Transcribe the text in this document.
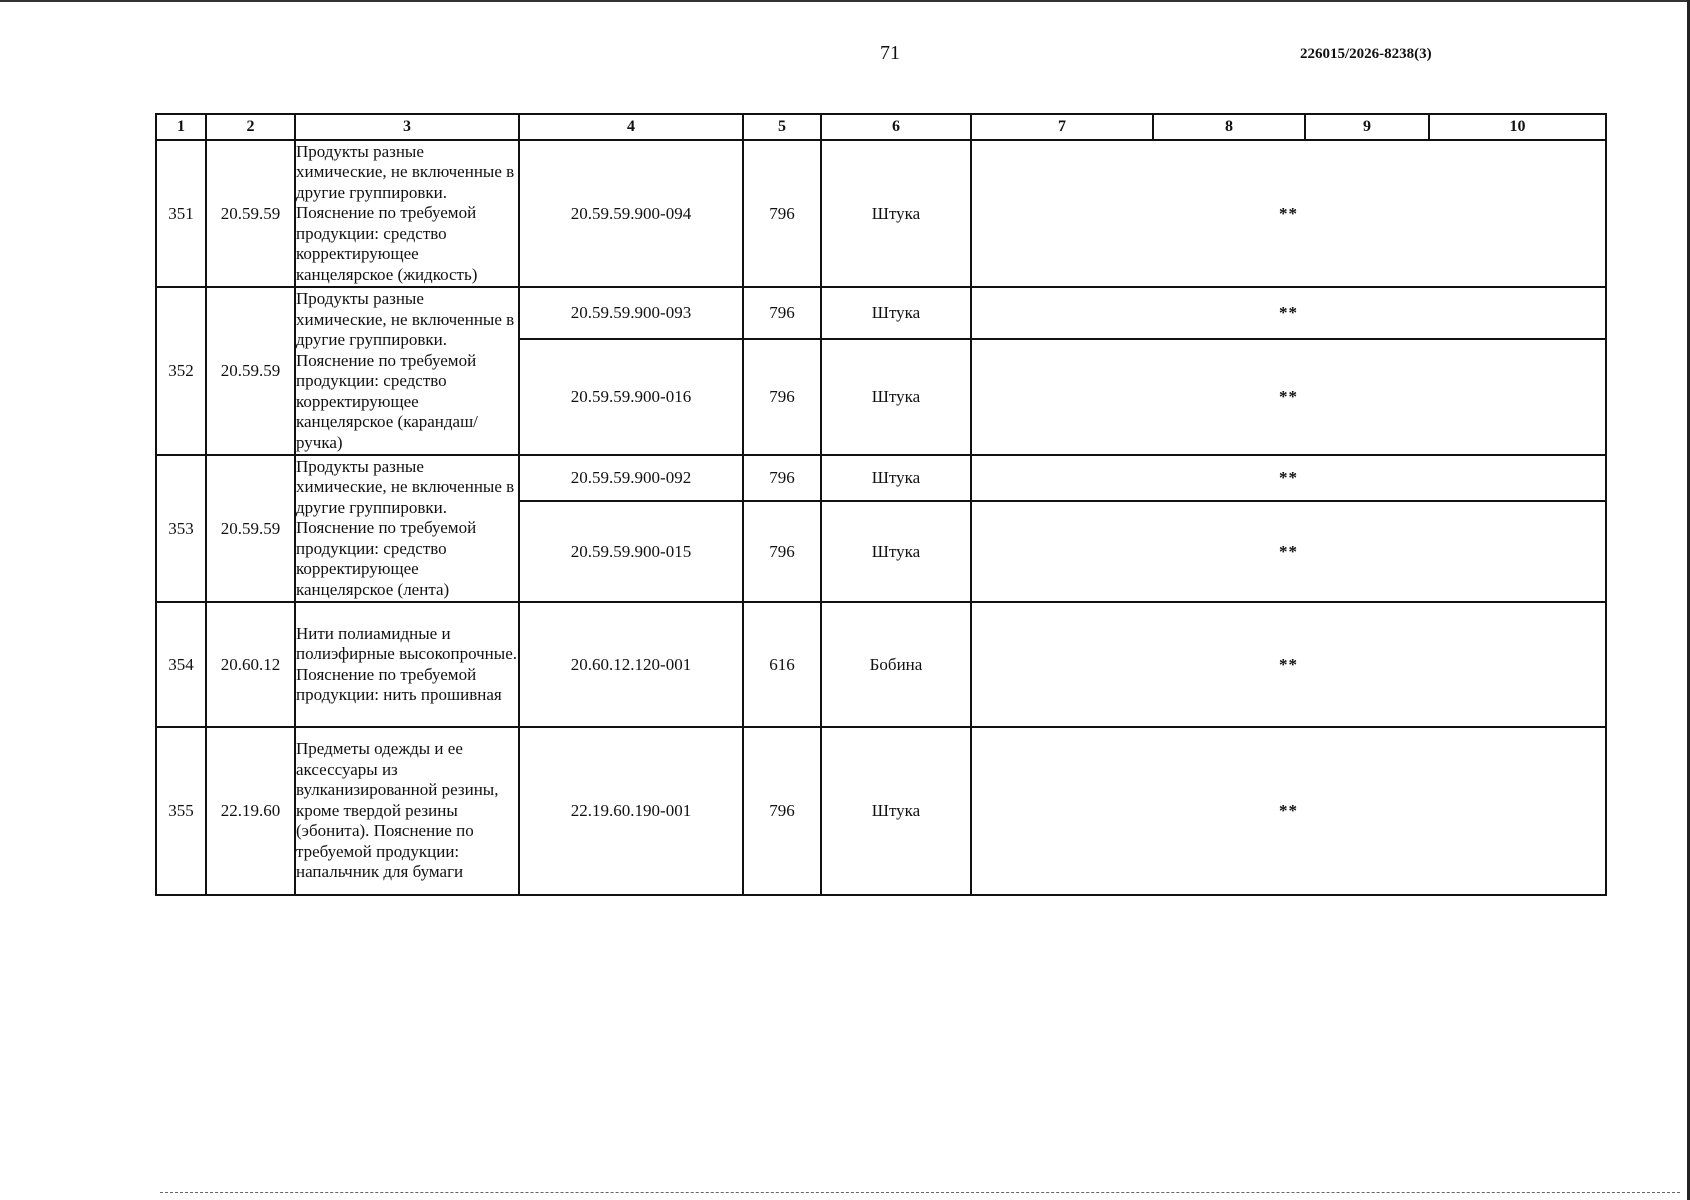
71	226015/2026-8238(3)
1	2	3	4	5	6	7	8	9	10
351	20.59.59	Продукты разные химические, не включенные в другие группировки. Пояснение по требуемой продукции: средство корректирующее канцелярское (жидкость)	20.59.59.900-094	796	Штука	**			
352	20.59.59	Продукты разные химические, не включенные в другие группировки. Пояснение по требуемой продукции: средство корректирующее канцелярское (карандаш/ручка)	20.59.59.900-093	796	Штука	**			
			20.59.59.900-016	796	Штука	**			
353	20.59.59	Продукты разные химические, не включенные в другие группировки. Пояснение по требуемой продукции: средство корректирующее канцелярское (лента)	20.59.59.900-092	796	Штука	**			
			20.59.59.900-015	796	Штука	**			
354	20.60.12	Нити полиамидные и полиэфирные высокопрочные. Пояснение по требуемой продукции: нить прошивная	20.60.12.120-001	616	Бобина	**			
355	22.19.60	Предметы одежды и ее аксессуары из вулканизированной резины, кроме твердой резины (эбонита). Пояснение по требуемой продукции: напальчник для бумаги	22.19.60.190-001	796	Штука	**			
